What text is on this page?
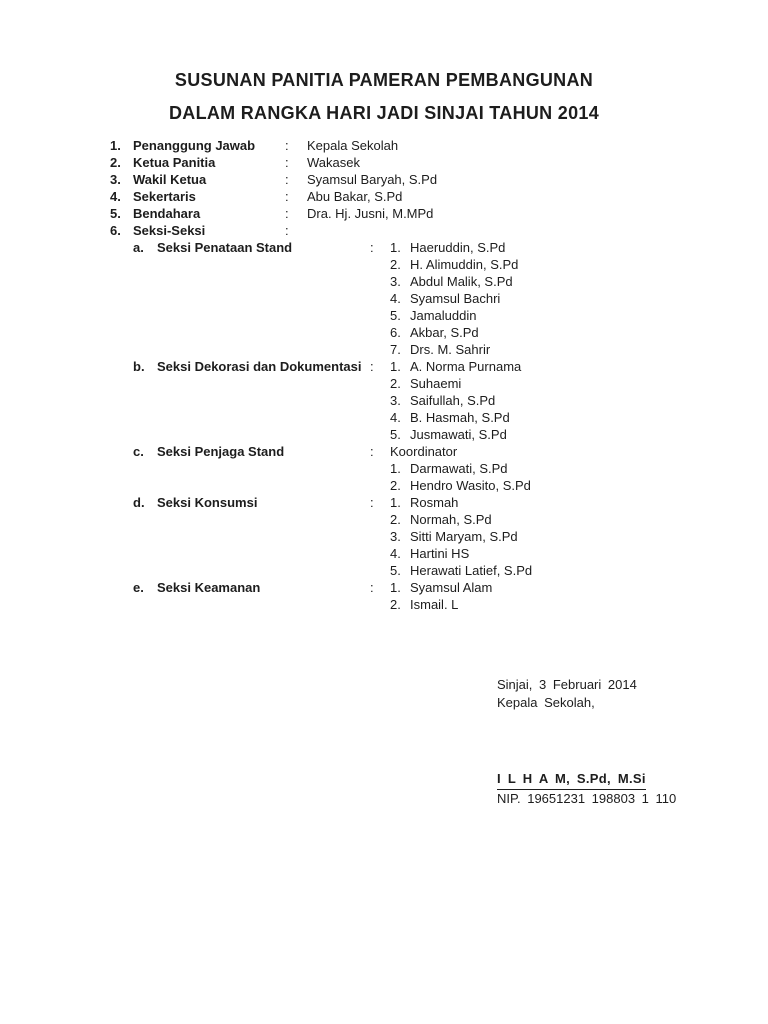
SUSUNAN PANITIA PAMERAN PEMBANGUNAN
DALAM RANGKA HARI JADI SINJAI TAHUN 2014
1. Penanggung Jawab	:	Kepala Sekolah
2. Ketua Panitia	:	Wakasek
3. Wakil Ketua	:	Syamsul Baryah, S.Pd
4. Sekertaris	:	Abu Bakar, S.Pd
5. Bendahara	:	Dra. Hj. Jusni, M.MPd
6. Seksi-Seksi	:
a.	Seksi Penataan Stand	:	1. Haeruddin, S.Pd
2. H. Alimuddin, S.Pd
3. Abdul Malik, S.Pd
4. Syamsul Bachri
5. Jamaluddin
6. Akbar, S.Pd
7. Drs. M. Sahrir
b. Seksi Dekorasi dan Dokumentasi :	1. A. Norma Purnama
2. Suhaemi
3. Saifullah, S.Pd
4. B. Hasmah, S.Pd
5. Jusmawati, S.Pd
c.	Seksi Penjaga Stand	:	Koordinator
1. Darmawati, S.Pd
2. Hendro Wasito, S.Pd
d. Seksi Konsumsi	:	1. Rosmah
2. Normah, S.Pd
3. Sitti Maryam, S.Pd
4. Hartini HS
5. Herawati Latief, S.Pd
e.	Seksi Keamanan	:	1. Syamsul Alam
2. Ismail. L
Sinjai, 3 Februari 2014
Kepala Sekolah,
I L H A M, S.Pd, M.Si
NIP. 19651231 198803 1 110
